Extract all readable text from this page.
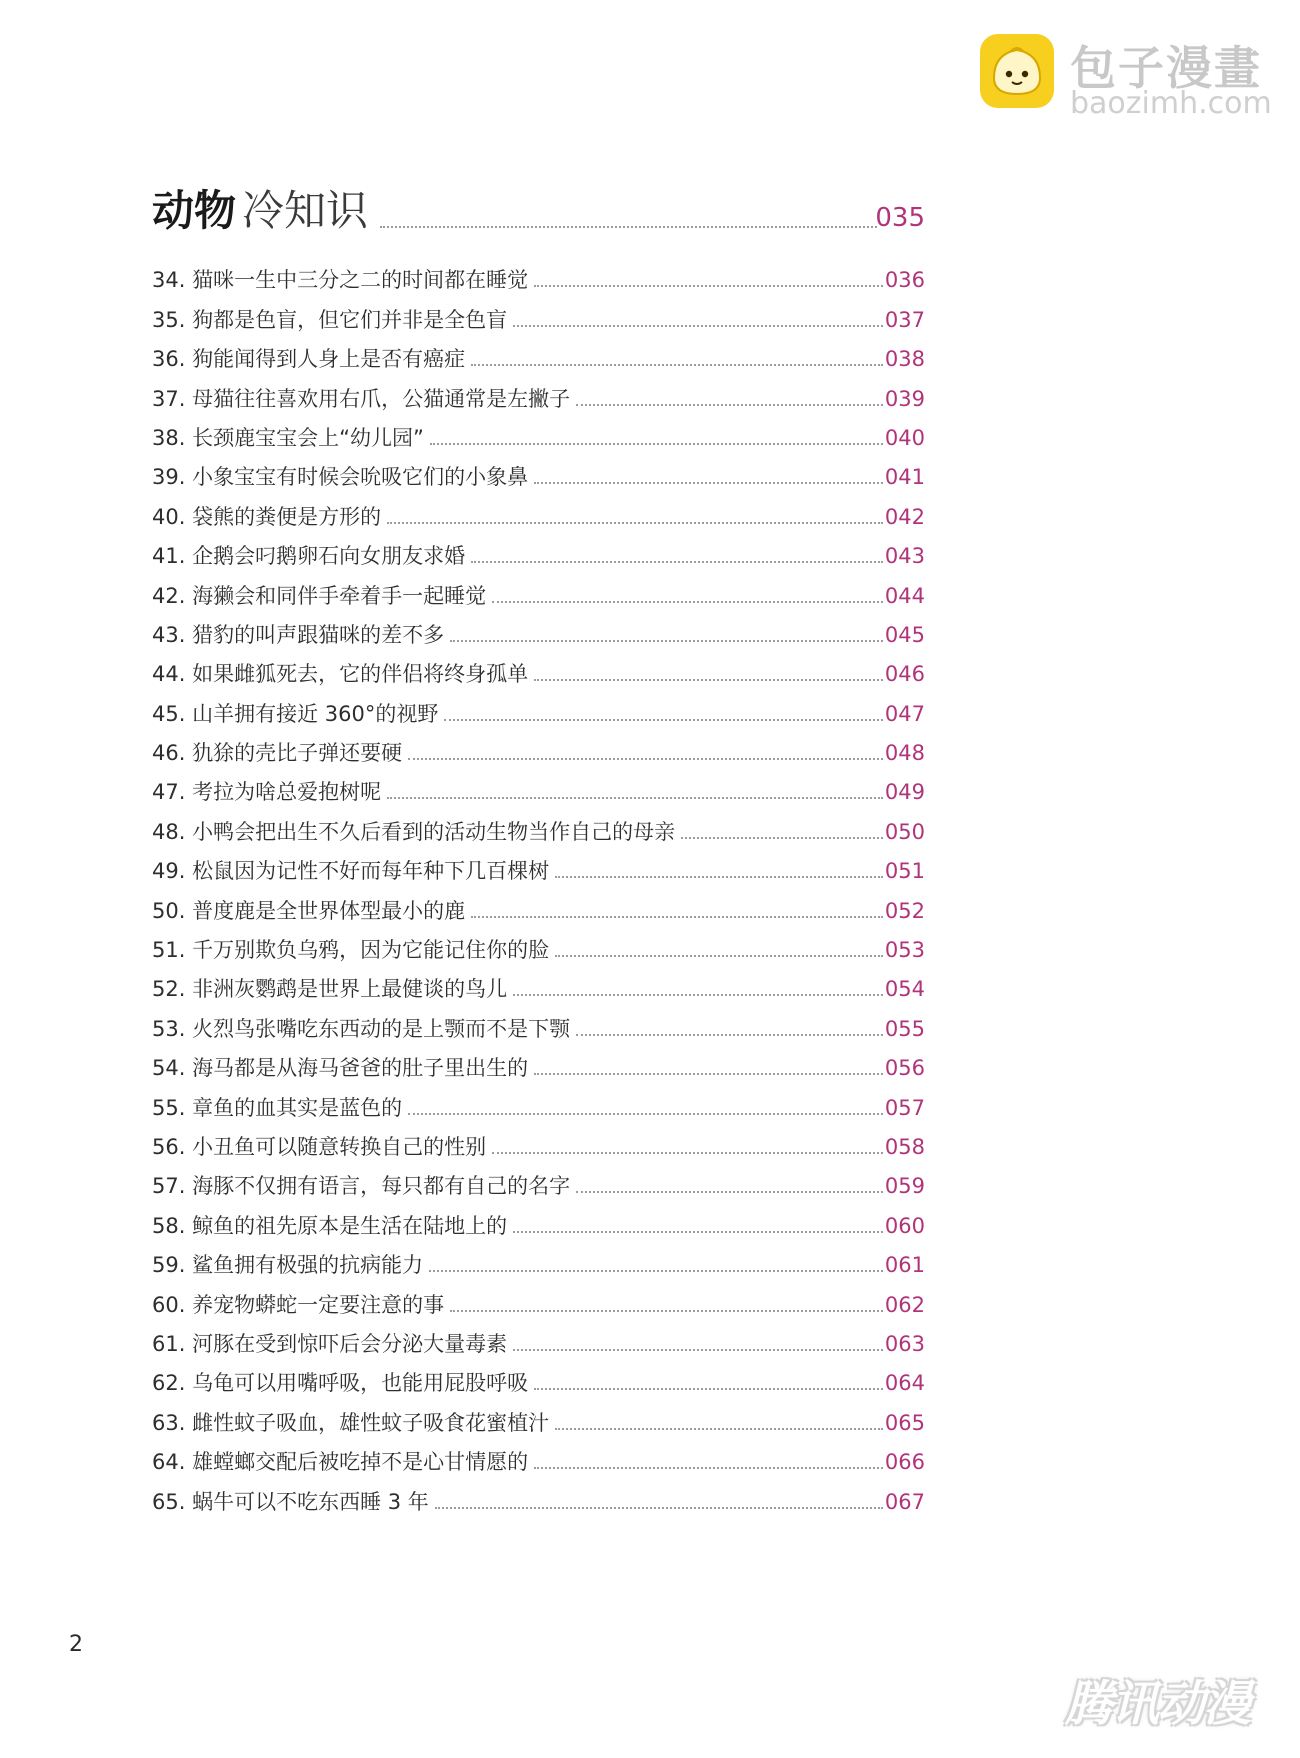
包子漫畫
baozimh.com
动物 冷知识	035
34. 猫咪一生中三分之二的时间都在睡觉	036
35. 狗都是色盲，但它们并非是全色盲	037
36. 狗能闻得到人身上是否有癌症	038
37. 母猫往往喜欢用右爪，公猫通常是左撇子	039
38. 长颈鹿宝宝会上“幼儿园”	040
39. 小象宝宝有时候会吮吸它们的小象鼻	041
40. 袋熊的粪便是方形的	042
41. 企鹅会叼鹅卵石向女朋友求婚	043
42. 海獭会和同伴手牵着手一起睡觉	044
43. 猎豹的叫声跟猫咪的差不多	045
44. 如果雌狐死去，它的伴侣将终身孤单	046
45. 山羊拥有接近 360°的视野	047
46. 犰狳的壳比子弹还要硬	048
47. 考拉为啥总爱抱树呢	049
48. 小鸭会把出生不久后看到的活动生物当作自己的母亲	050
49. 松鼠因为记性不好而每年种下几百棵树	051
50. 普度鹿是全世界体型最小的鹿	052
51. 千万别欺负乌鸦，因为它能记住你的脸	053
52. 非洲灰鹦鹉是世界上最健谈的鸟儿	054
53. 火烈鸟张嘴吃东西动的是上颚而不是下颚	055
54. 海马都是从海马爸爸的肚子里出生的	056
55. 章鱼的血其实是蓝色的	057
56. 小丑鱼可以随意转换自己的性别	058
57. 海豚不仅拥有语言，每只都有自己的名字	059
58. 鲸鱼的祖先原本是生活在陆地上的	060
59. 鲨鱼拥有极强的抗病能力	061
60. 养宠物蟒蛇一定要注意的事	062
61. 河豚在受到惊吓后会分泌大量毒素	063
62. 乌龟可以用嘴呼吸，也能用屁股呼吸	064
63. 雌性蚊子吸血，雄性蚊子吸食花蜜植汁	065
64. 雄螳螂交配后被吃掉不是心甘情愿的	066
65. 蜗牛可以不吃东西睡 3 年	067
2
腾讯动漫
